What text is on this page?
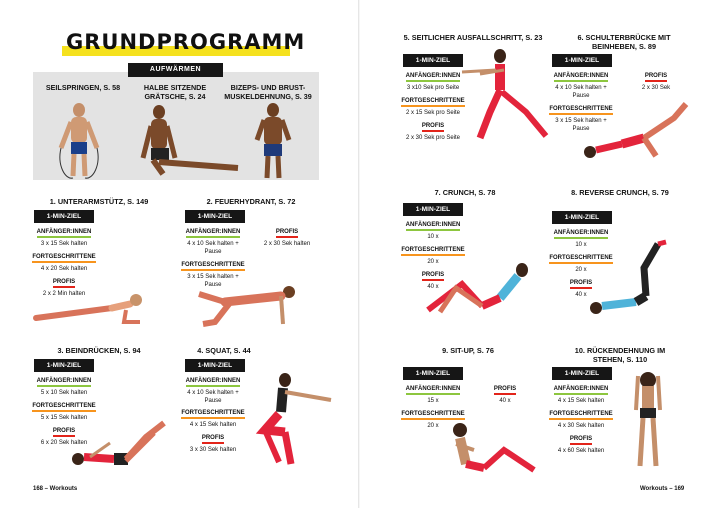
GRUNDPROGRAMM
AUFWÄRMEN
SEILSPRINGEN, S. 58	HALBE SITZENDE GRÄTSCHE, S. 24
BIZEPS- UND BRUST-MUSKELDEHNUNG, S. 39
1. UNTERARMSTÜTZ, S. 149
1-MIN-ZIEL
ANFÄNGER:INNEN
3 x 15 Sek halten
FORTGESCHRITTENE
4 x 20 Sek halten
PROFIS
2 x 2 Min halten
2. FEUERHYDRANT, S. 72
1-MIN-ZIEL
ANFÄNGER:INNEN
4 x 10 Sek halten + Pause
FORTGESCHRITTENE
3 x 15 Sek halten + Pause
PROFIS
2 x 30 Sek halten
3. BEINDRÜCKEN, S. 94
1-MIN-ZIEL
ANFÄNGER:INNEN
5 x 10 Sek halten
FORTGESCHRITTENE
5 x 15 Sek halten
PROFIS
6 x 20 Sek halten
4. SQUAT, S. 44
1-MIN-ZIEL
ANFÄNGER:INNEN
4 x 10 Sek halten + Pause
FORTGESCHRITTENE
4 x 15 Sek halten
PROFIS
3 x 30 Sek halten
168 – Workouts
5. SEITLICHER AUSFALLSCHRITT, S. 23
1-MIN-ZIEL
ANFÄNGER:INNEN
3 x10 Sek pro Seite
FORTGESCHRITTENE
2 x 15 Sek pro Seite
PROFIS
2 x 30 Sek pro Seite
6. SCHULTERBRÜCKE MIT BEINHEBEN, S. 89
1-MIN-ZIEL
ANFÄNGER:INNEN
4 x 10 Sek halten + Pause
FORTGESCHRITTENE
3 x 15 Sek halten + Pause
PROFIS
2 x 30 Sek
7. CRUNCH, S. 78
1-MIN-ZIEL
ANFÄNGER:INNEN
10 x
FORTGESCHRITTENE
20 x
PROFIS
40 x
8. REVERSE CRUNCH, S. 79
1-MIN-ZIEL
ANFÄNGER:INNEN
10 x
FORTGESCHRITTENE
20 x
PROFIS
40 x
9. SIT-UP, S. 76
1-MIN-ZIEL
ANFÄNGER:INNEN
15 x
FORTGESCHRITTENE
20 x
PROFIS
40 x
10. RÜCKENDEHNUNG IM STEHEN, S. 110
1-MIN-ZIEL
ANFÄNGER:INNEN
4 x 15 Sek halten
FORTGESCHRITTENE
4 x 30 Sek halten
PROFIS
4 x 60 Sek halten
Workouts – 169
